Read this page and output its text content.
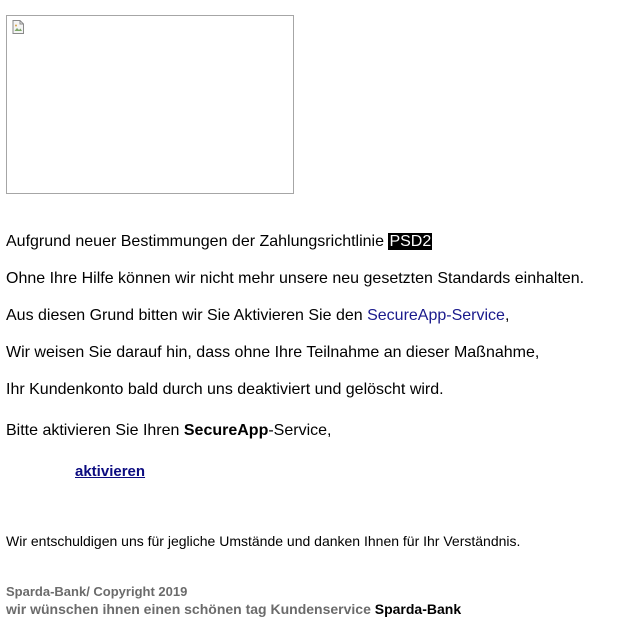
Aufgrund neuer Bestimmungen der Zahlungsrichtlinie PSD2
Ohne Ihre Hilfe können wir nicht mehr unsere neu gesetzten Standards einhalten.
Aus diesen Grund bitten wir Sie Aktivieren Sie den SecureApp-Service,
Wir weisen Sie darauf hin, dass ohne Ihre Teilnahme an dieser Maßnahme,
Ihr Kundenkonto bald durch uns deaktiviert und gelöscht wird.
Bitte aktivieren Sie Ihren SecureApp-Service,
aktivieren
Wir entschuldigen uns für jegliche Umstände und danken Ihnen für Ihr Verständnis.
Sparda-Bank/ Copyright 2019
wir wünschen ihnen einen schönen tag Kundenservice Sparda-Bank
